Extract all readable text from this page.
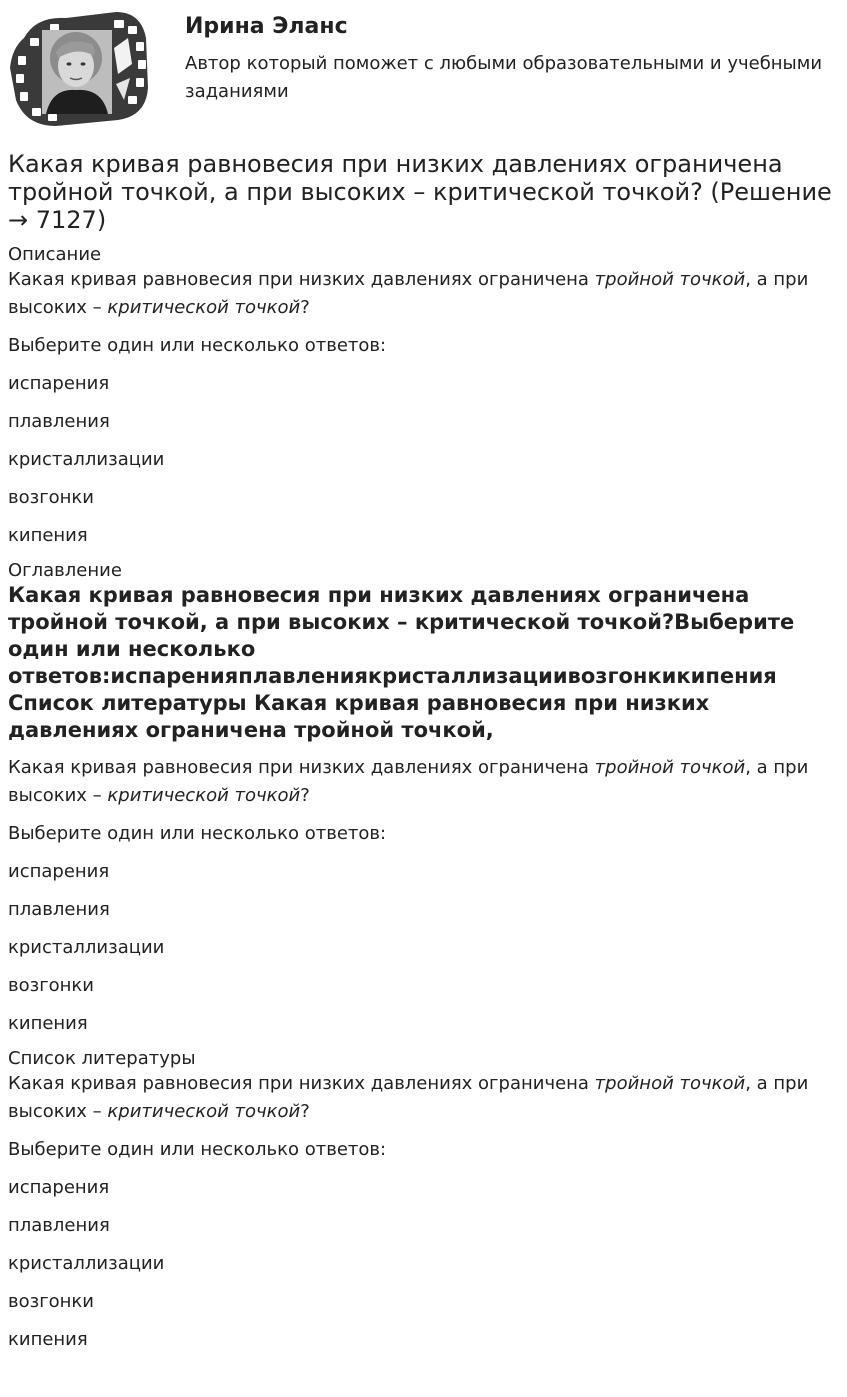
Ирина Эланс

Автор который поможет с любыми образовательными и учебными заданиями

Какая кривая равновесия при низких давлениях ограничена тройной точкой, а при высоких – критической точкой? (Решение → 7127)
Описание

Какая кривая равновесия при низких давлениях ограничена тройной точкой, а при высоких – критической точкой?

Выберите один или несколько ответов:

испарения

плавления

кристаллизации

возгонки

кипения

Оглавление
Какая кривая равновесия при низких давлениях ограничена тройной точкой, а при высоких – критической точкой?Выберите один или несколько ответов:испаренияплавлениякристаллизациивозгонкикипения Список литературы Какая кривая равновесия при низких давлениях ограничена тройной точкой,

Какая кривая равновесия при низких давлениях ограничена тройной точкой, а при высоких – критической точкой?

Выберите один или несколько ответов:

испарения

плавления

кристаллизации

возгонки

кипения

Список литературы

Какая кривая равновесия при низких давлениях ограничена тройной точкой, а при высоких – критической точкой?

Выберите один или несколько ответов:

испарения

плавления

кристаллизации

возгонки

кипения
